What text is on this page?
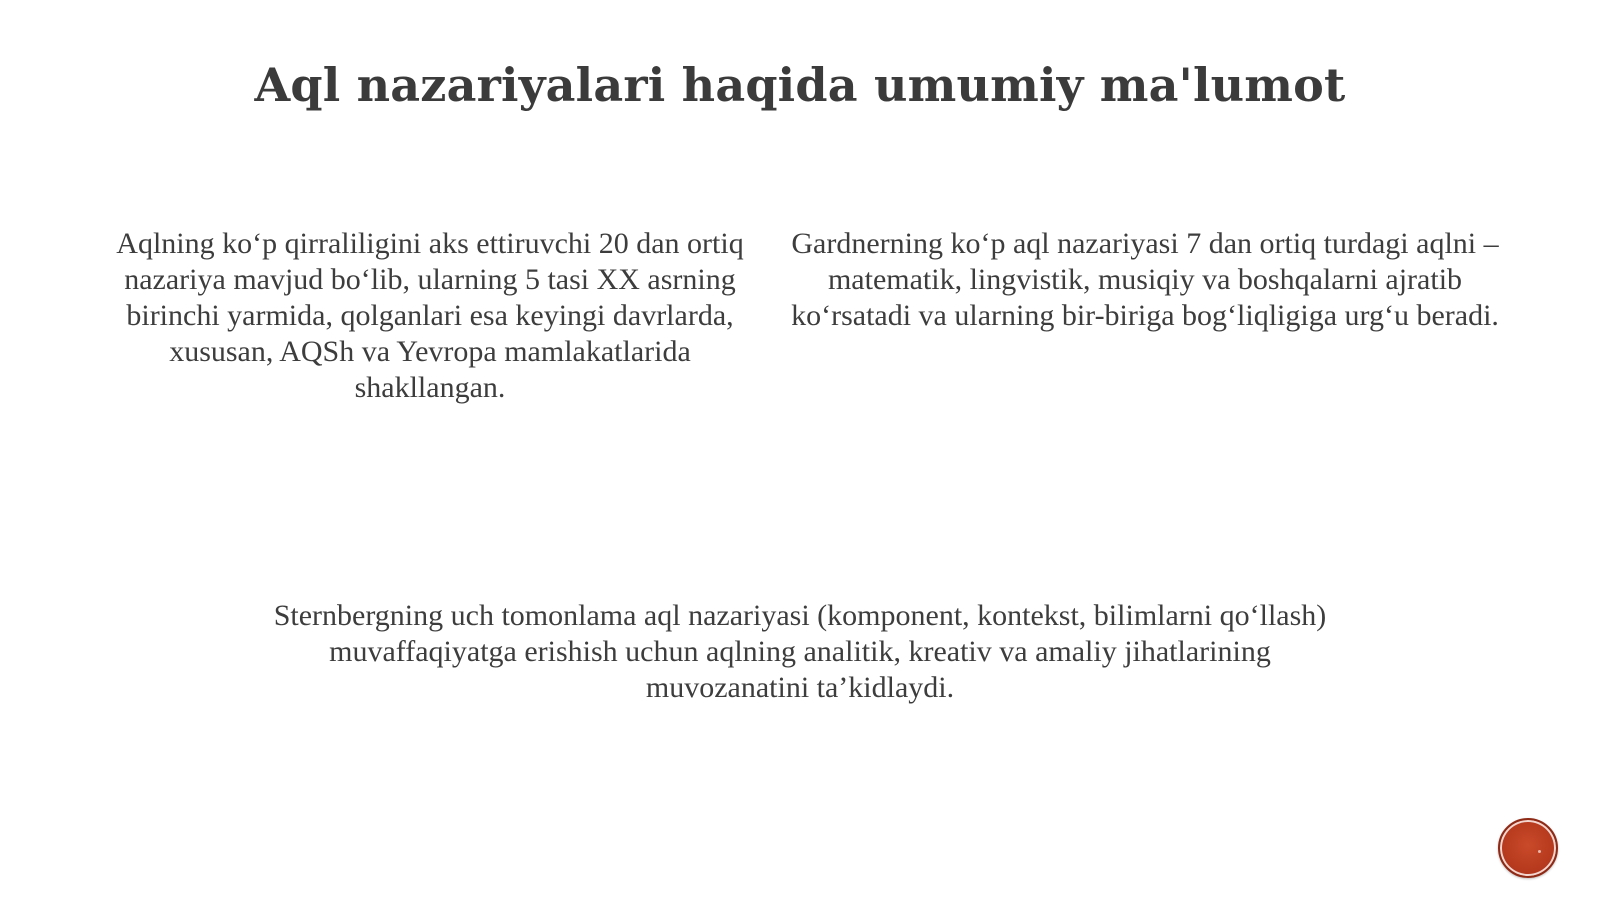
Aql nazariyalari haqida umumiy ma'lumot

Aqlning ko‘p qirraliligini aks ettiruvchi 20 dan ortiq nazariya mavjud bo‘lib, ularning 5 tasi XX asrning birinchi yarmida, qolganlari esa keyingi davrlarda, xususan, AQSh va Yevropa mamlakatlarida shakllangan.

Gardnerning ko‘p aql nazariyasi 7 dan ortiq turdagi aqlni – matematik, lingvistik, musiqiy va boshqalarni ajratib ko‘rsatadi va ularning bir-biriga bog‘liqligiga urg‘u beradi.

Sternbergning uch tomonlama aql nazariyasi (komponent, kontekst, bilimlarni qo‘llash) muvaffaqiyatga erishish uchun aqlning analitik, kreativ va amaliy jihatlarining muvozanatini ta’kidlaydi.
